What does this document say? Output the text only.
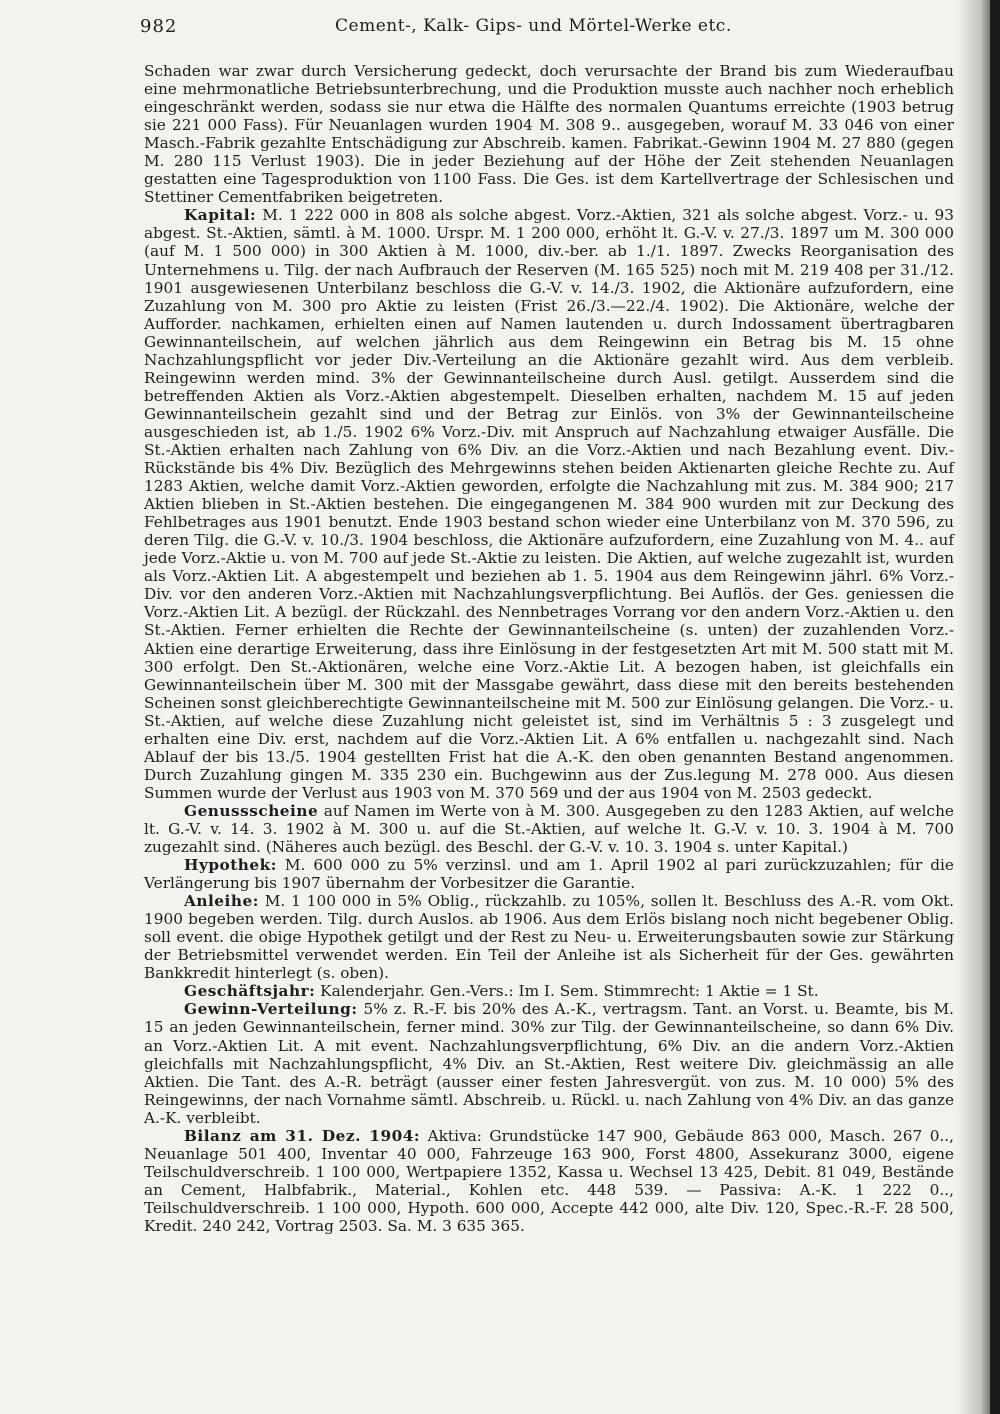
982	Cement-, Kalk- Gips- und Mörtel-Werke etc.

Schaden war zwar durch Versicherung gedeckt, doch verursachte der Brand bis zum Wiederaufbau eine mehrmonatliche Betriebsunterbrechung, und die Produktion musste auch nachher noch erheblich eingeschränkt werden, sodass sie nur etwa die Hälfte des normalen Quantums erreichte (1903 betrug sie 221 000 Fass). Für Neuanlagen wurden 1904 M. 308 9.. ausgegeben, worauf M. 33 046 von einer Masch.-Fabrik gezahlte Entschädigung zur Abschreib. kamen. Fabrikat.-Gewinn 1904 M. 27 880 (gegen M. 280 115 Verlust 1903). Die in jeder Beziehung auf der Höhe der Zeit stehenden Neuanlagen gestatten eine Tagesproduktion von 1100 Fass. Die Ges. ist dem Kartellvertrage der Schlesischen und Stettiner Cementfabriken beigetreten.

Kapital: M. 1 222 000 in 808 als solche abgest. Vorz.-Aktien, 321 als solche abgest. Vorz.- u. 93 abgest. St.-Aktien, sämtl. à M. 1000. Urspr. M. 1 200 000, erhöht lt. G.-V. v. 27./3. 1897 um M. 300 000 (auf M. 1 500 000) in 300 Aktien à M. 1000, div.-ber. ab 1./1. 1897. Zwecks Reorganisation des Unternehmens u. Tilg. der nach Aufbrauch der Reserven (M. 165 525) noch mit M. 219 408 per 31./12. 1901 ausgewiesenen Unterbilanz beschloss die G.-V. v. 14./3. 1902, die Aktionäre aufzufordern, eine Zuzahlung von M. 300 pro Aktie zu leisten (Frist 26./3.—22./4. 1902). Die Aktionäre, welche der Aufforder. nachkamen, erhielten einen auf Namen lautenden u. durch Indossament übertragbaren Gewinnanteilschein, auf welchen jährlich aus dem Reingewinn ein Betrag bis M. 15 ohne Nachzahlungspflicht vor jeder Div.-Verteilung an die Aktionäre gezahlt wird. Aus dem verbleib. Reingewinn werden mind. 3% der Gewinnanteilscheine durch Ausl. getilgt. Ausserdem sind die betreffenden Aktien als Vorz.-Aktien abgestempelt. Dieselben erhalten, nachdem M. 15 auf jeden Gewinnanteilschein gezahlt sind und der Betrag zur Einlös. von 3% der Gewinnanteilscheine ausgeschieden ist, ab 1./5. 1902 6% Vorz.-Div. mit Anspruch auf Nachzahlung etwaiger Ausfälle. Die St.-Aktien erhalten nach Zahlung von 6% Div. an die Vorz.-Aktien und nach Bezahlung event. Div.-Rückstände bis 4% Div. Bezüglich des Mehrgewinns stehen beiden Aktienarten gleiche Rechte zu. Auf 1283 Aktien, welche damit Vorz.-Aktien geworden, erfolgte die Nachzahlung mit zus. M. 384 900; 217 Aktien blieben in St.-Aktien bestehen. Die eingegangenen M. 384 900 wurden mit zur Deckung des Fehlbetrages aus 1901 benutzt. Ende 1903 bestand schon wieder eine Unterbilanz von M. 370 596, zu deren Tilg. die G.-V. v. 10./3. 1904 beschloss, die Aktionäre aufzufordern, eine Zuzahlung von M. 4.. auf jede Vorz.-Aktie u. von M. 700 auf jede St.-Aktie zu leisten. Die Aktien, auf welche zugezahlt ist, wurden als Vorz.-Aktien Lit. A abgestempelt und beziehen ab 1. 5. 1904 aus dem Reingewinn jährl. 6% Vorz.-Div. vor den anderen Vorz.-Aktien mit Nachzahlungsverpflichtung. Bei Auflös. der Ges. geniessen die Vorz.-Aktien Lit. A bezügl. der Rückzahl. des Nennbetrages Vorrang vor den andern Vorz.-Aktien u. den St.-Aktien. Ferner erhielten die Rechte der Gewinnanteilscheine (s. unten) der zuzahlenden Vorz.-Aktien eine derartige Erweiterung, dass ihre Einlösung in der festgesetzten Art mit M. 500 statt mit M. 300 erfolgt. Den St.-Aktionären, welche eine Vorz.-Aktie Lit. A bezogen haben, ist gleichfalls ein Gewinnanteilschein über M. 300 mit der Massgabe gewährt, dass diese mit den bereits bestehenden Scheinen sonst gleichberechtigte Gewinnanteilscheine mit M. 500 zur Einlösung gelangen. Die Vorz.- u. St.-Aktien, auf welche diese Zuzahlung nicht geleistet ist, sind im Verhältnis 5 : 3 zusgelegt und erhalten eine Div. erst, nachdem auf die Vorz.-Aktien Lit. A 6% entfallen u. nachgezahlt sind. Nach Ablauf der bis 13./5. 1904 gestellten Frist hat die A.-K. den oben genannten Bestand angenommen. Durch Zuzahlung gingen M. 335 230 ein. Buchgewinn aus der Zus.legung M. 278 000. Aus diesen Summen wurde der Verlust aus 1903 von M. 370 569 und der aus 1904 von M. 2503 gedeckt.

Genussscheine auf Namen im Werte von à M. 300. Ausgegeben zu den 1283 Aktien, auf welche lt. G.-V. v. 14. 3. 1902 à M. 300 u. auf die St.-Aktien, auf welche lt. G.-V. v. 10. 3. 1904 à M. 700 zugezahlt sind. (Näheres auch bezügl. des Beschl. der G.-V. v. 10. 3. 1904 s. unter Kapital.)

Hypothek: M. 600 000 zu 5% verzinsl. und am 1. April 1902 al pari zurückzuzahlen; für die Verlängerung bis 1907 übernahm der Vorbesitzer die Garantie.

Anleihe: M. 1 100 000 in 5% Oblig., rückzahlb. zu 105%, sollen lt. Beschluss des A.-R. vom Okt. 1900 begeben werden. Tilg. durch Auslos. ab 1906. Aus dem Erlös bislang noch nicht begebener Oblig. soll event. die obige Hypothek getilgt und der Rest zu Neu- u. Erweiterungsbauten sowie zur Stärkung der Betriebsmittel verwendet werden. Ein Teil der Anleihe ist als Sicherheit für der Ges. gewährten Bankkredit hinterlegt (s. oben).

Geschäftsjahr: Kalenderjahr. Gen.-Vers.: Im I. Sem. Stimmrecht: 1 Aktie = 1 St.

Gewinn-Verteilung: 5% z. R.-F. bis 20% des A.-K., vertragsm. Tant. an Vorst. u. Beamte, bis M. 15 an jeden Gewinnanteilschein, ferner mind. 30% zur Tilg. der Gewinnanteilscheine, so dann 6% Div. an Vorz.-Aktien Lit. A mit event. Nachzahlungsverpflichtung, 6% Div. an die andern Vorz.-Aktien gleichfalls mit Nachzahlungspflicht, 4% Div. an St.-Aktien, Rest weitere Div. gleichmässig an alle Aktien. Die Tant. des A.-R. beträgt (ausser einer festen Jahresvergüt. von zus. M. 10 000) 5% des Reingewinns, der nach Vornahme sämtl. Abschreib. u. Rückl. u. nach Zahlung von 4% Div. an das ganze A.-K. verbleibt.

Bilanz am 31. Dez. 1904: Aktiva: Grundstücke 147 900, Gebäude 863 000, Masch. 267 0.., Neuanlage 501 400, Inventar 40 000, Fahrzeuge 163 900, Forst 4800, Assekuranz 3000, eigene Teilschuldverschreib. 1 100 000, Wertpapiere 1352, Kassa u. Wechsel 13 425, Debit. 81 049, Bestände an Cement, Halbfabrik., Material., Kohlen etc. 448 539. — Passiva: A.-K. 1 222 0.., Teilschuldverschreib. 1 100 000, Hypoth. 600 000, Accepte 442 000, alte Div. 120, Spec.-R.-F. 28 500, Kredit. 240 242, Vortrag 2503. Sa. M. 3 635 365.
